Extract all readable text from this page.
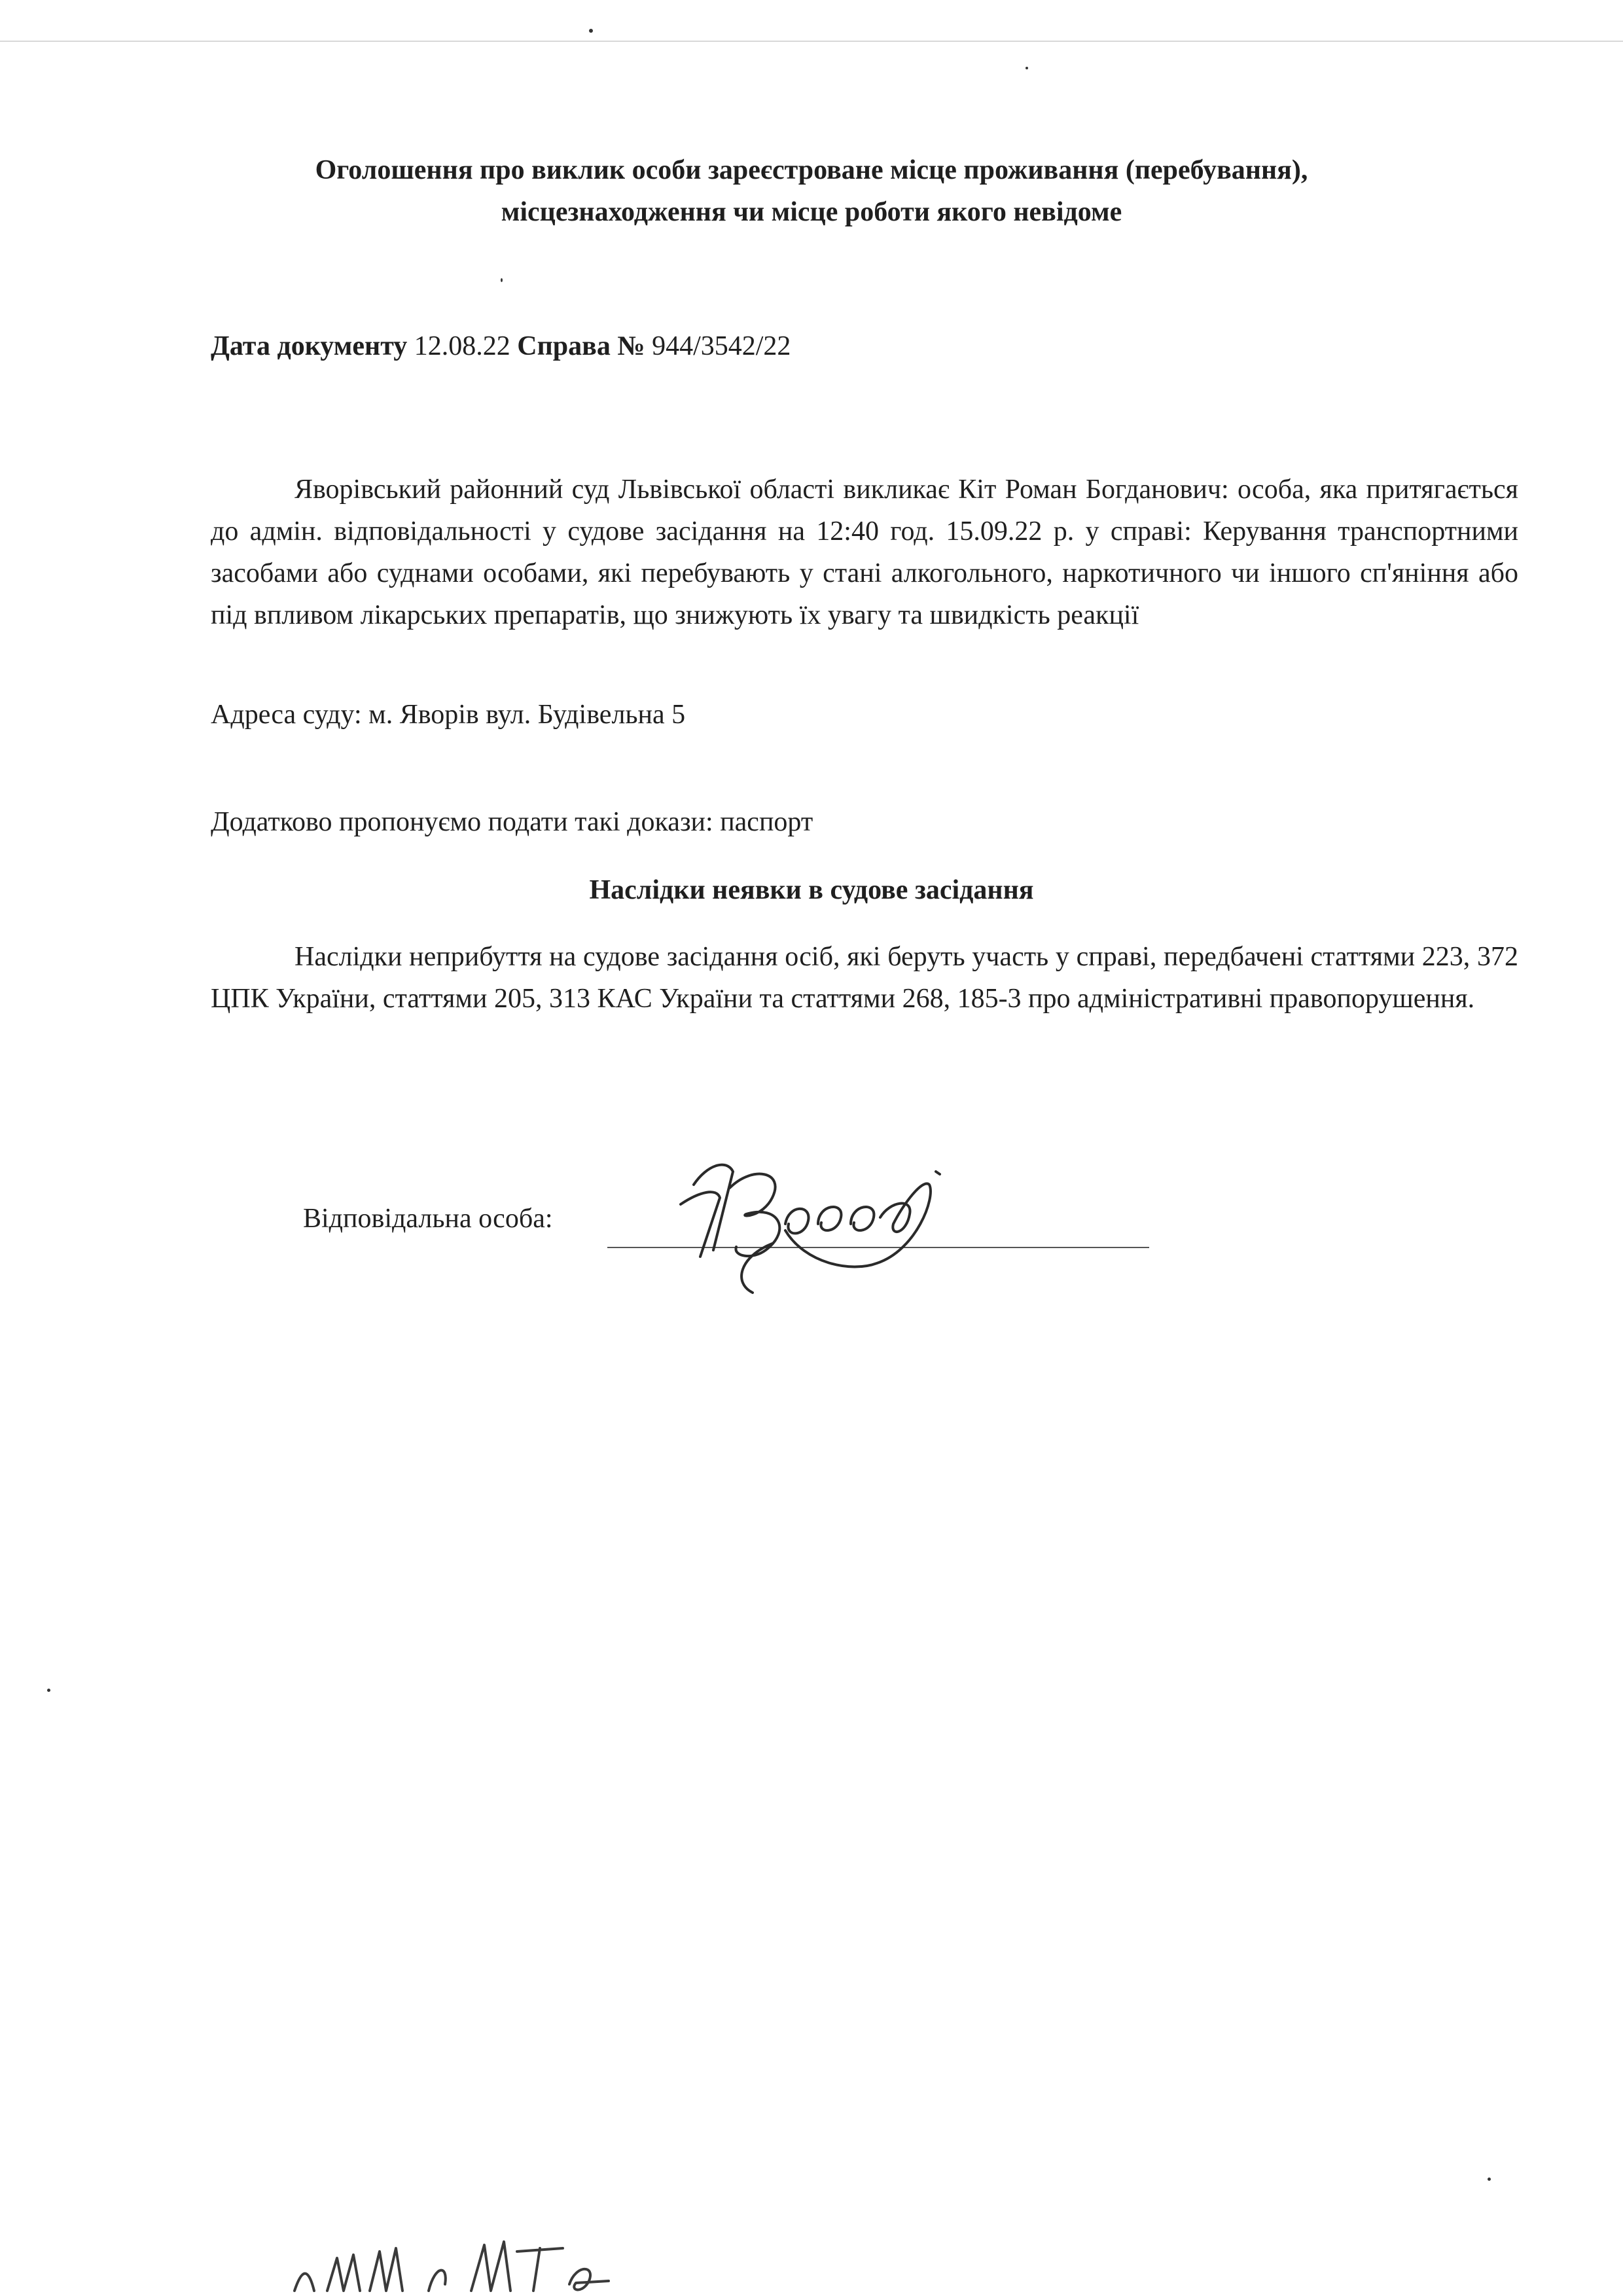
Оголошення про виклик особи зареєстроване місце проживання (перебування),
місцезнаходження чи місце роботи якого невідоме
Дата документу 12.08.22 Справа № 944/3542/22
Яворівський районний суд Львівської області викликає Кіт Роман Богданович: особа, яка притягається до адмін. відповідальності у судове засідання на 12:40 год. 15.09.22 р. у справі: Керування транспортними засобами або суднами особами, які перебувають у стані алкогольного, наркотичного чи іншого сп'яніння або під впливом лікарських препаратів, що знижують їх увагу та швидкість реакції
Адреса суду: м. Яворів вул. Будівельна 5
Додатково пропонуємо подати такі докази: паспорт
Наслідки неявки в судове засідання
Наслідки неприбуття на судове засідання осіб, які беруть участь у справі, передбачені статтями 223, 372 ЦПК України, статтями 205, 313 КАС України та статтями 268, 185-3 про адміністративні правопорушення.
Відповідальна особа:
